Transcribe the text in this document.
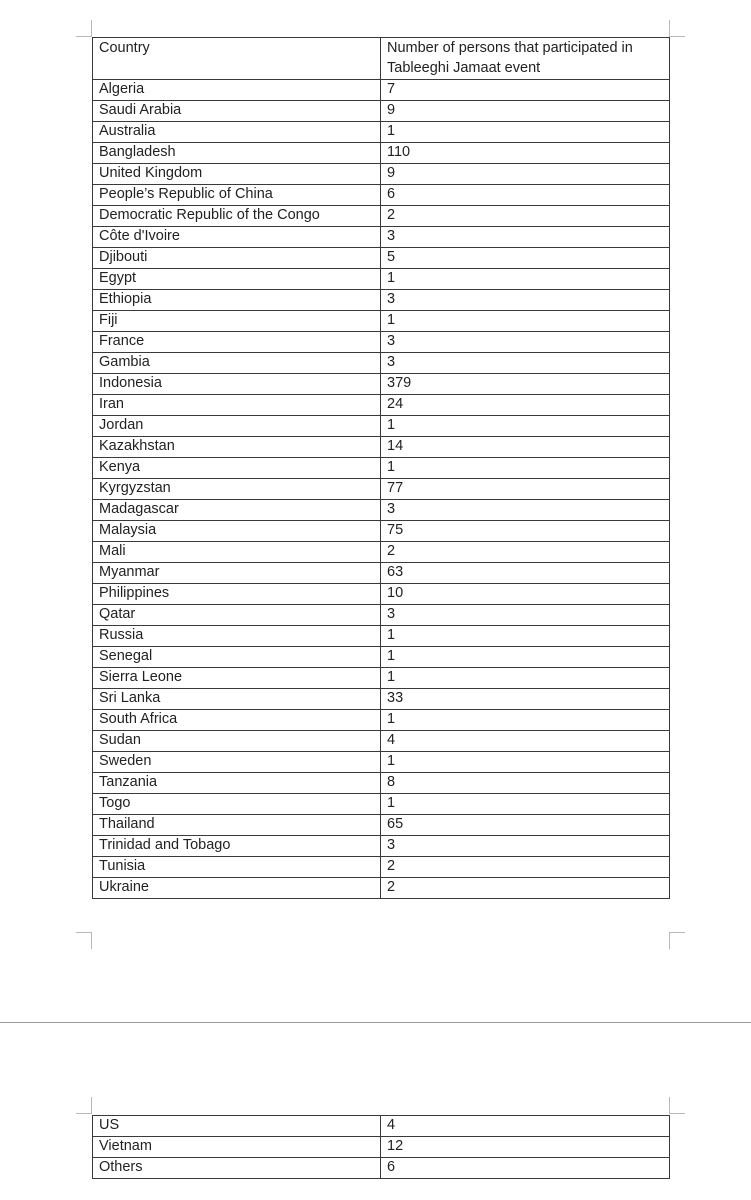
Country	Number of persons that participated in Tableeghi Jamaat event
Algeria	7
Saudi Arabia	9
Australia	1
Bangladesh	110
United Kingdom	9
People’s Republic of China	6
Democratic Republic of the Congo	2
Côte d'Ivoire	3
Djibouti	5
Egypt	1
Ethiopia	3
Fiji	1
France	3
Gambia	3
Indonesia	379
Iran	24
Jordan	1
Kazakhstan	14
Kenya	1
Kyrgyzstan	77
Madagascar	3
Malaysia	75
Mali	2
Myanmar	63
Philippines	10
Qatar	3
Russia	1
Senegal	1
Sierra Leone	1
Sri Lanka	33
South Africa	1
Sudan	4
Sweden	1
Tanzania	8
Togo	1
Thailand	65
Trinidad and Tobago	3
Tunisia	2
Ukraine	2
US	4
Vietnam	12
Others	6
